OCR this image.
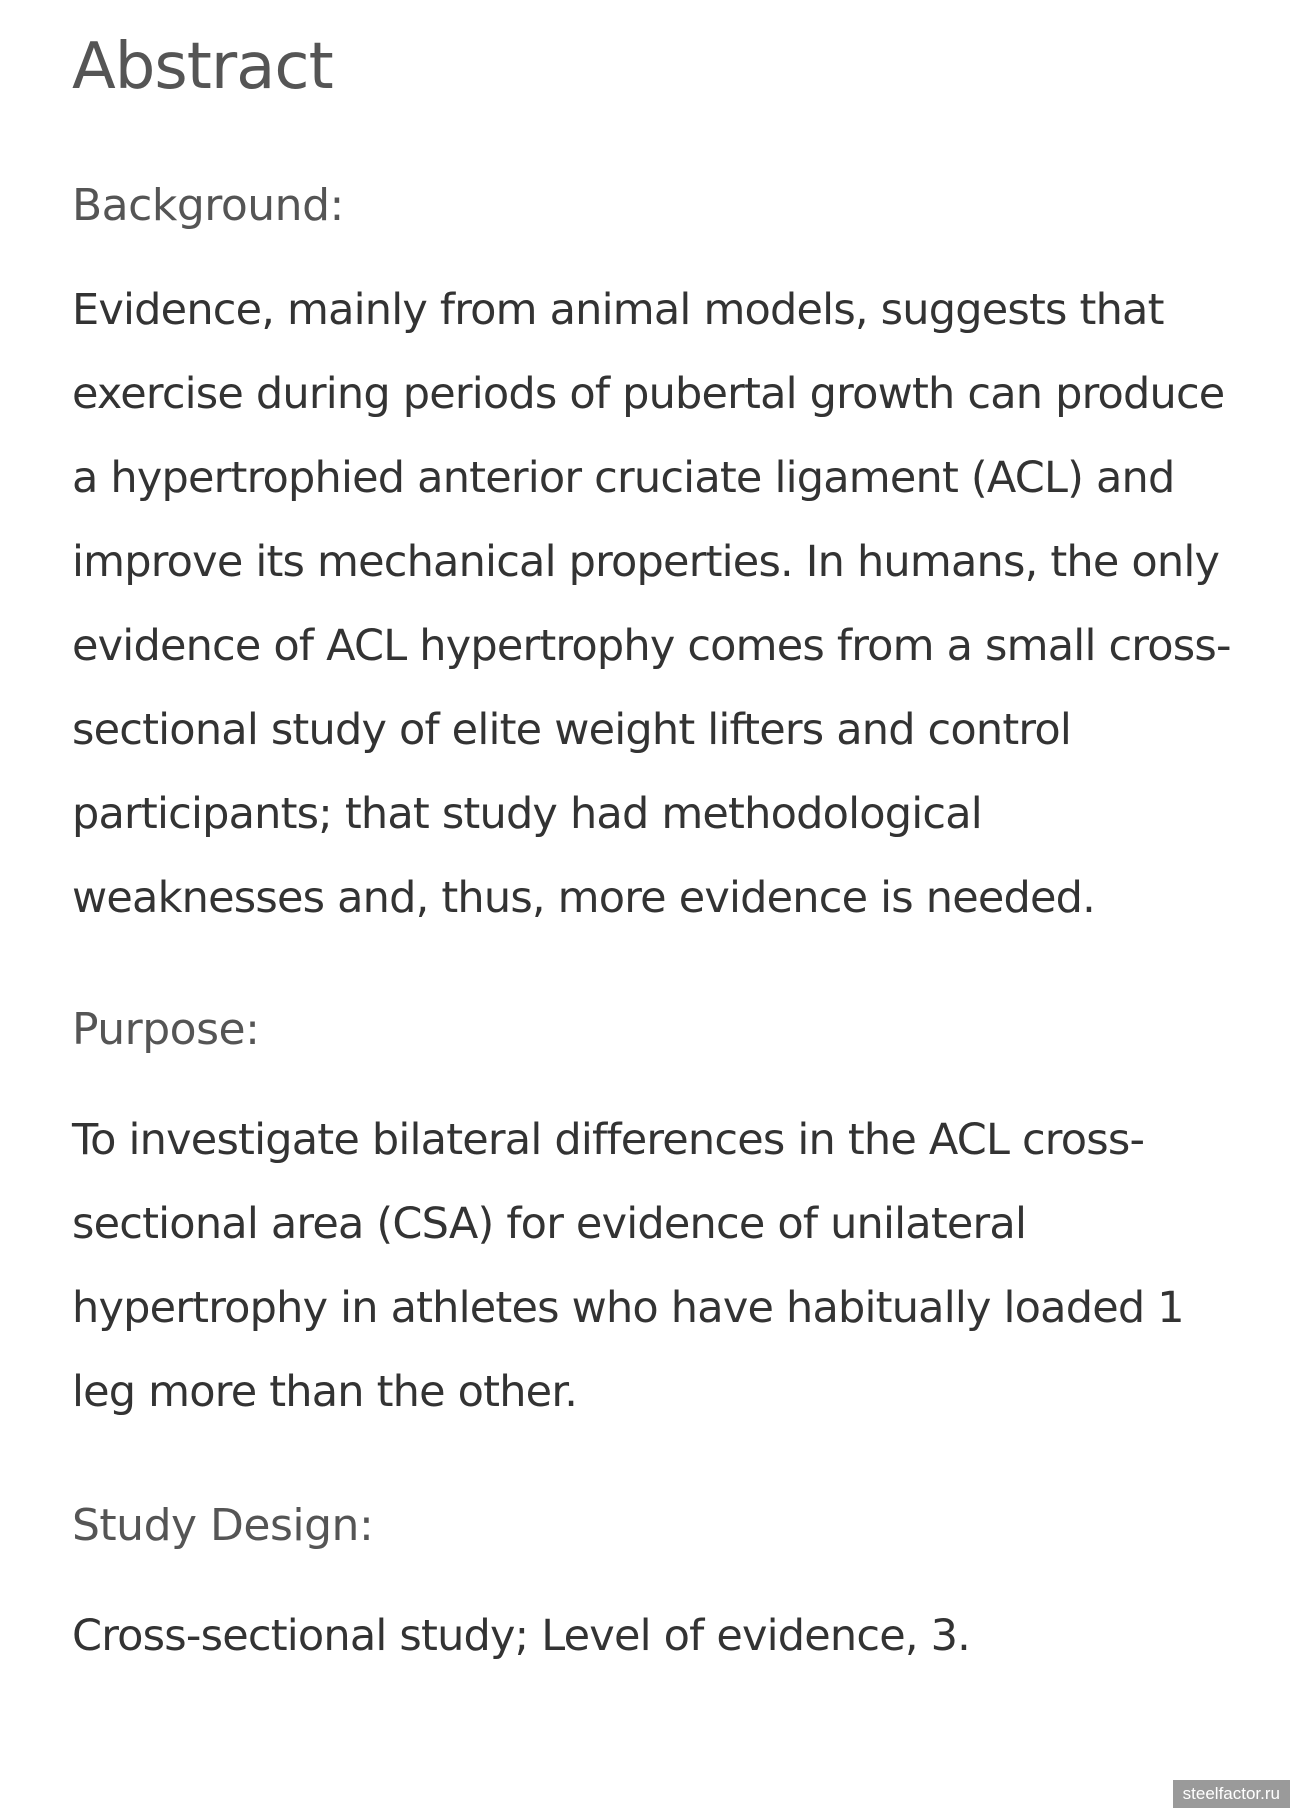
Abstract
Background:

Evidence, mainly from animal models, suggests that exercise during periods of pubertal growth can produce a hypertrophied anterior cruciate ligament (ACL) and improve its mechanical properties. In humans, the only evidence of ACL hypertrophy comes from a small cross-sectional study of elite weight lifters and control participants; that study had methodological weaknesses and, thus, more evidence is needed.

Purpose:

To investigate bilateral differences in the ACL cross-sectional area (CSA) for evidence of unilateral hypertrophy in athletes who have habitually loaded 1 leg more than the other.

Study Design:

Cross-sectional study; Level of evidence, 3.

steelfactor.ru
